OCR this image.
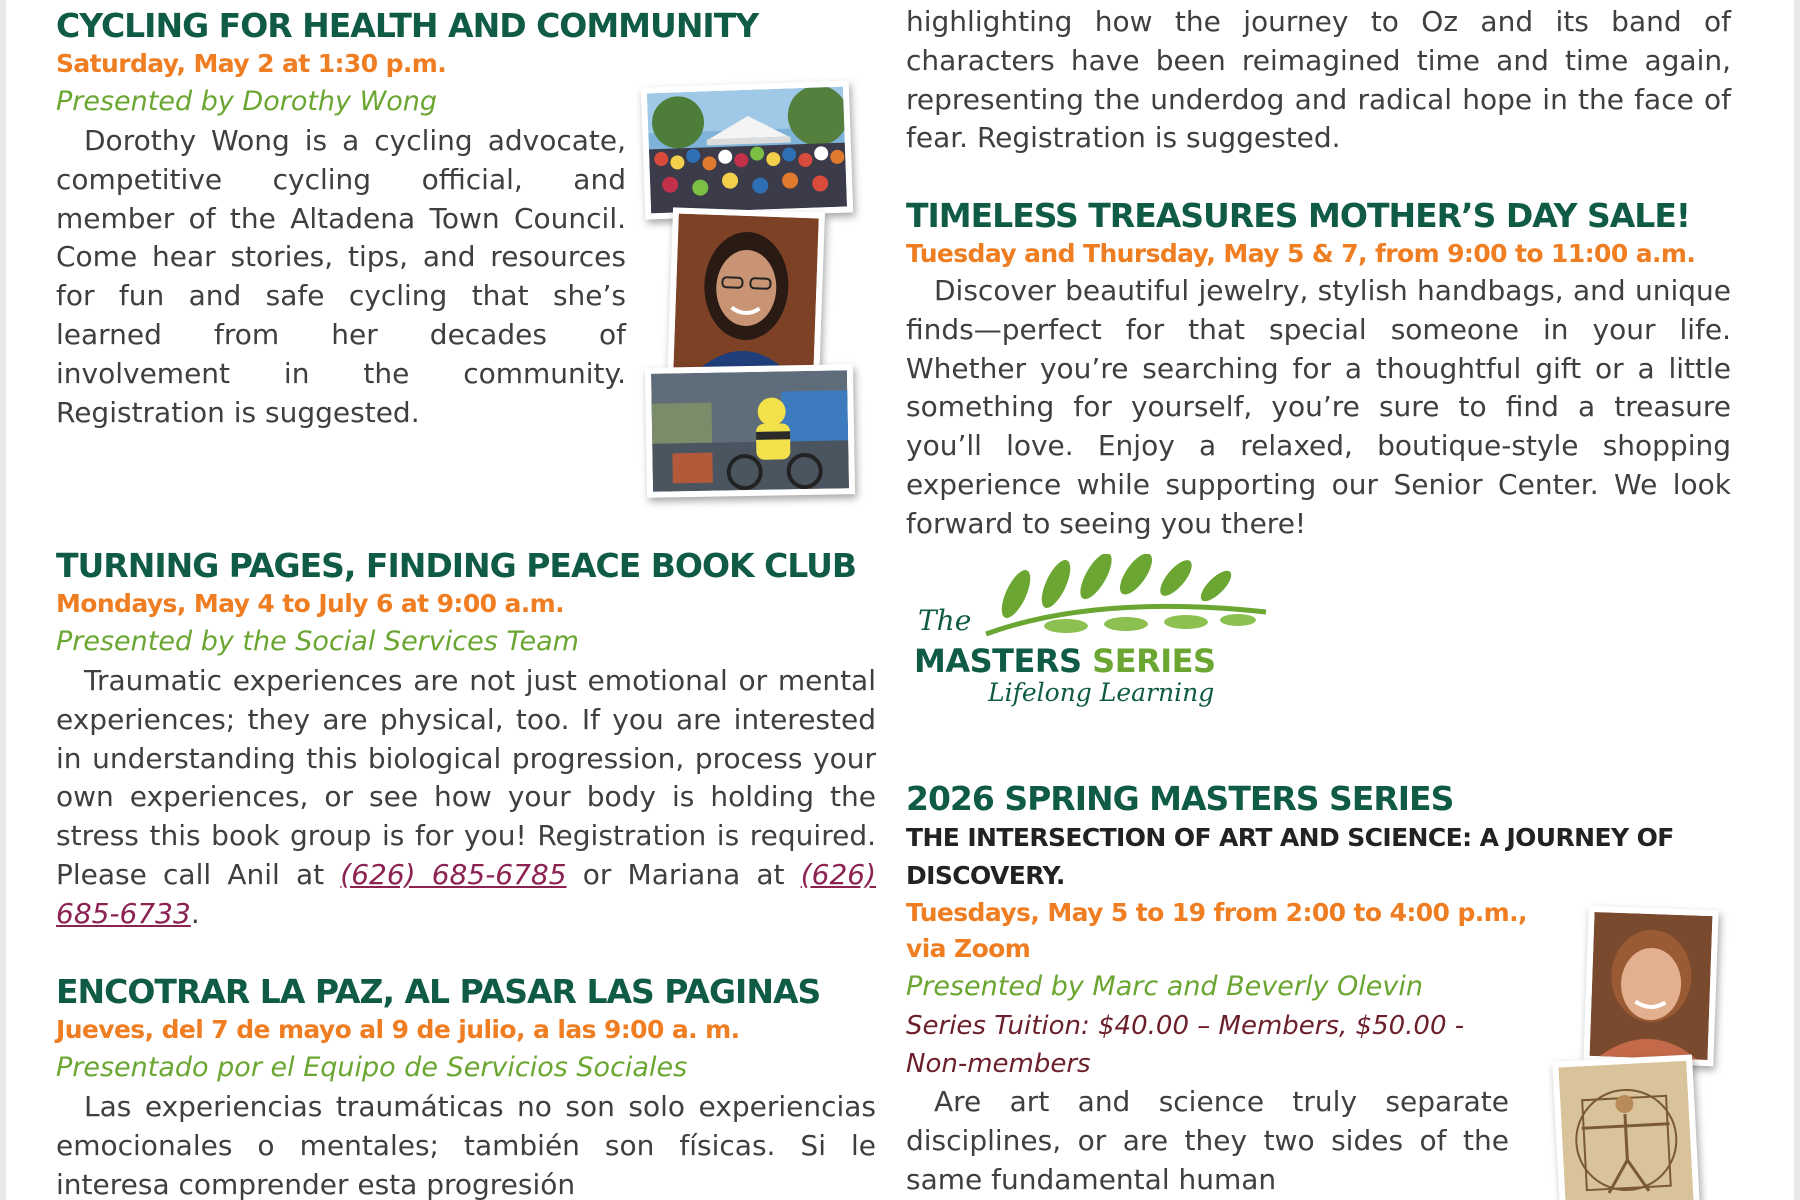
CYCLING FOR HEALTH AND COMMUNITY
Saturday, May 2 at 1:30 p.m.
Presented by Dorothy Wong

Dorothy Wong is a cycling advocate, competitive cycling official, and member of the Altadena Town Council. Come hear stories, tips, and resources for fun and safe cycling that she’s learned from her decades of involvement in the community. Registration is suggested.

TURNING PAGES, FINDING PEACE BOOK CLUB
Mondays, May 4 to July 6 at 9:00 a.m.
Presented by the Social Services Team

Traumatic experiences are not just emotional or mental experiences; they are physical, too. If you are interested in understanding this biological progression, process your own experiences, or see how your body is holding the stress this book group is for you! Registration is required. Please call Anil at (626) 685-6785 or Mariana at (626) 685-6733.

ENCOTRAR LA PAZ, AL PASAR LAS PAGINAS
Jueves, del 7 de mayo al 9 de julio, a las 9:00 a. m.
Presentado por el Equipo de Servicios Sociales

Las experiencias traumáticas no son solo experiencias emocionales o mentales; también son físicas. Si le interesa comprender esta progresión

highlighting how the journey to Oz and its band of characters have been reimagined time and time again, representing the underdog and radical hope in the face of fear. Registration is suggested.

TIMELESS TREASURES MOTHER’S DAY SALE!
Tuesday and Thursday, May 5 & 7, from 9:00 to 11:00 a.m.

Discover beautiful jewelry, stylish handbags, and unique finds—perfect for that special someone in your life. Whether you’re searching for a thoughtful gift or a little something for yourself, you’re sure to find a treasure you’ll love. Enjoy a relaxed, boutique-style shopping experience while supporting our Senior Center. We look forward to seeing you there!

The
MASTERS SERIES
Lifelong Learning
2026 SPRING MASTERS SERIES
THE INTERSECTION OF ART AND SCIENCE: A JOURNEY OF DISCOVERY.
Tuesdays, May 5 to 19 from 2:00 to 4:00 p.m.,
via Zoom
Presented by Marc and Beverly Olevin
Series Tuition: $40.00 – Members, $50.00 - Non-members

Are art and science truly separate disciplines, or are they two sides of the same fundamental human
